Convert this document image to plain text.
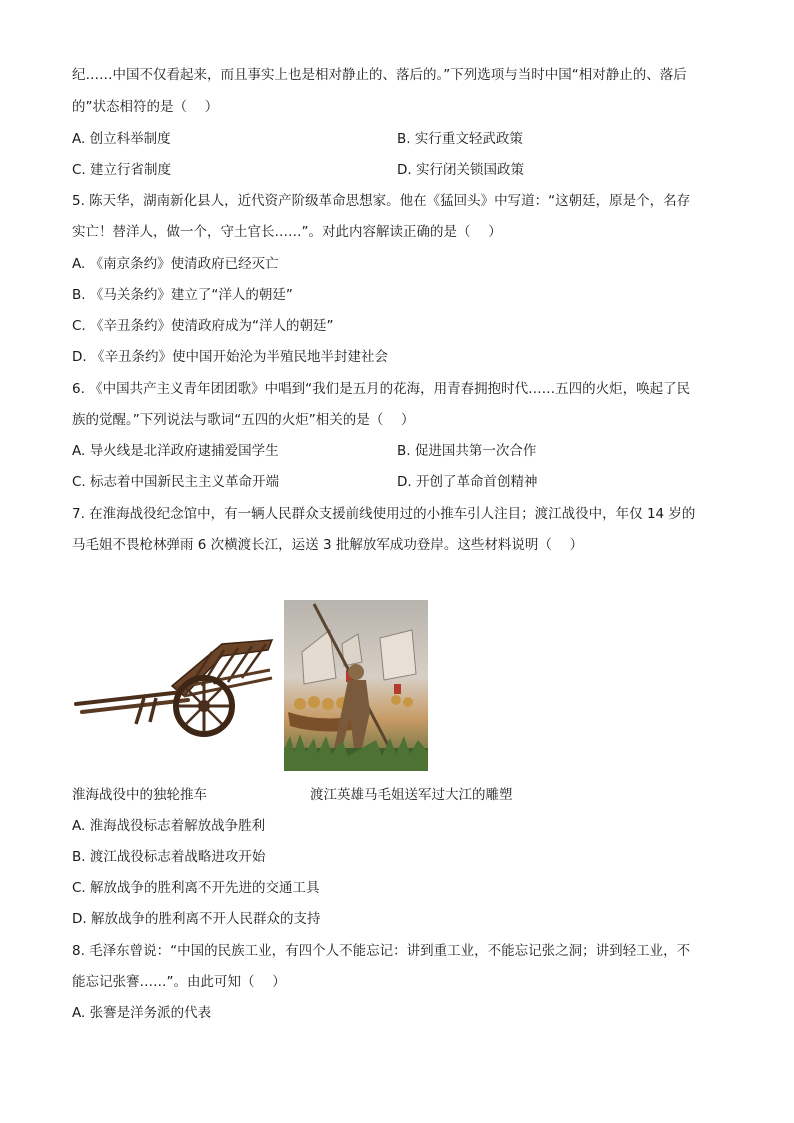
纪……中国不仅看起来，而且事实上也是相对静止的、落后的。”下列选项与当时中国“相对静止的、落后
的”状态相符的是（　 ）
A. 创立科举制度	B. 实行重文轻武政策
C. 建立行省制度	D. 实行闭关锁国政策
5. 陈天华，湖南新化县人，近代资产阶级革命思想家。他在《猛回头》中写道：“这朝廷，原是个，名存
实亡！替洋人，做一个，守土官长……”。对此内容解读正确的是（　 ）
A. 《南京条约》使清政府已经灭亡
B. 《马关条约》建立了“洋人的朝廷”
C. 《辛丑条约》使清政府成为“洋人的朝廷”
D. 《辛丑条约》使中国开始沦为半殖民地半封建社会
6. 《中国共产主义青年团团歌》中唱到“我们是五月的花海，用青春拥抱时代……五四的火炬，唤起了民
族的觉醒。”下列说法与歌词“五四的火炬”相关的是（　 ）
A. 导火线是北洋政府逮捕爱国学生	B. 促进国共第一次合作
C. 标志着中国新民主主义革命开端	D. 开创了革命首创精神
7. 在淮海战役纪念馆中，有一辆人民群众支援前线使用过的小推车引人注目；渡江战役中，年仅 14 岁的
马毛姐不畏枪林弹雨 6 次横渡长江，运送 3 批解放军成功登岸。这些材料说明（　 ）
淮海战役中的独轮推车	渡江英雄马毛姐送军过大江的雕塑
A. 淮海战役标志着解放战争胜利
B. 渡江战役标志着战略进攻开始
C. 解放战争的胜利离不开先进的交通工具
D. 解放战争的胜利离不开人民群众的支持
8. 毛泽东曾说：“中国的民族工业，有四个人不能忘记：讲到重工业，不能忘记张之洞；讲到轻工业，不
能忘记张謇……”。由此可知（　 ）
A. 张謇是洋务派的代表
